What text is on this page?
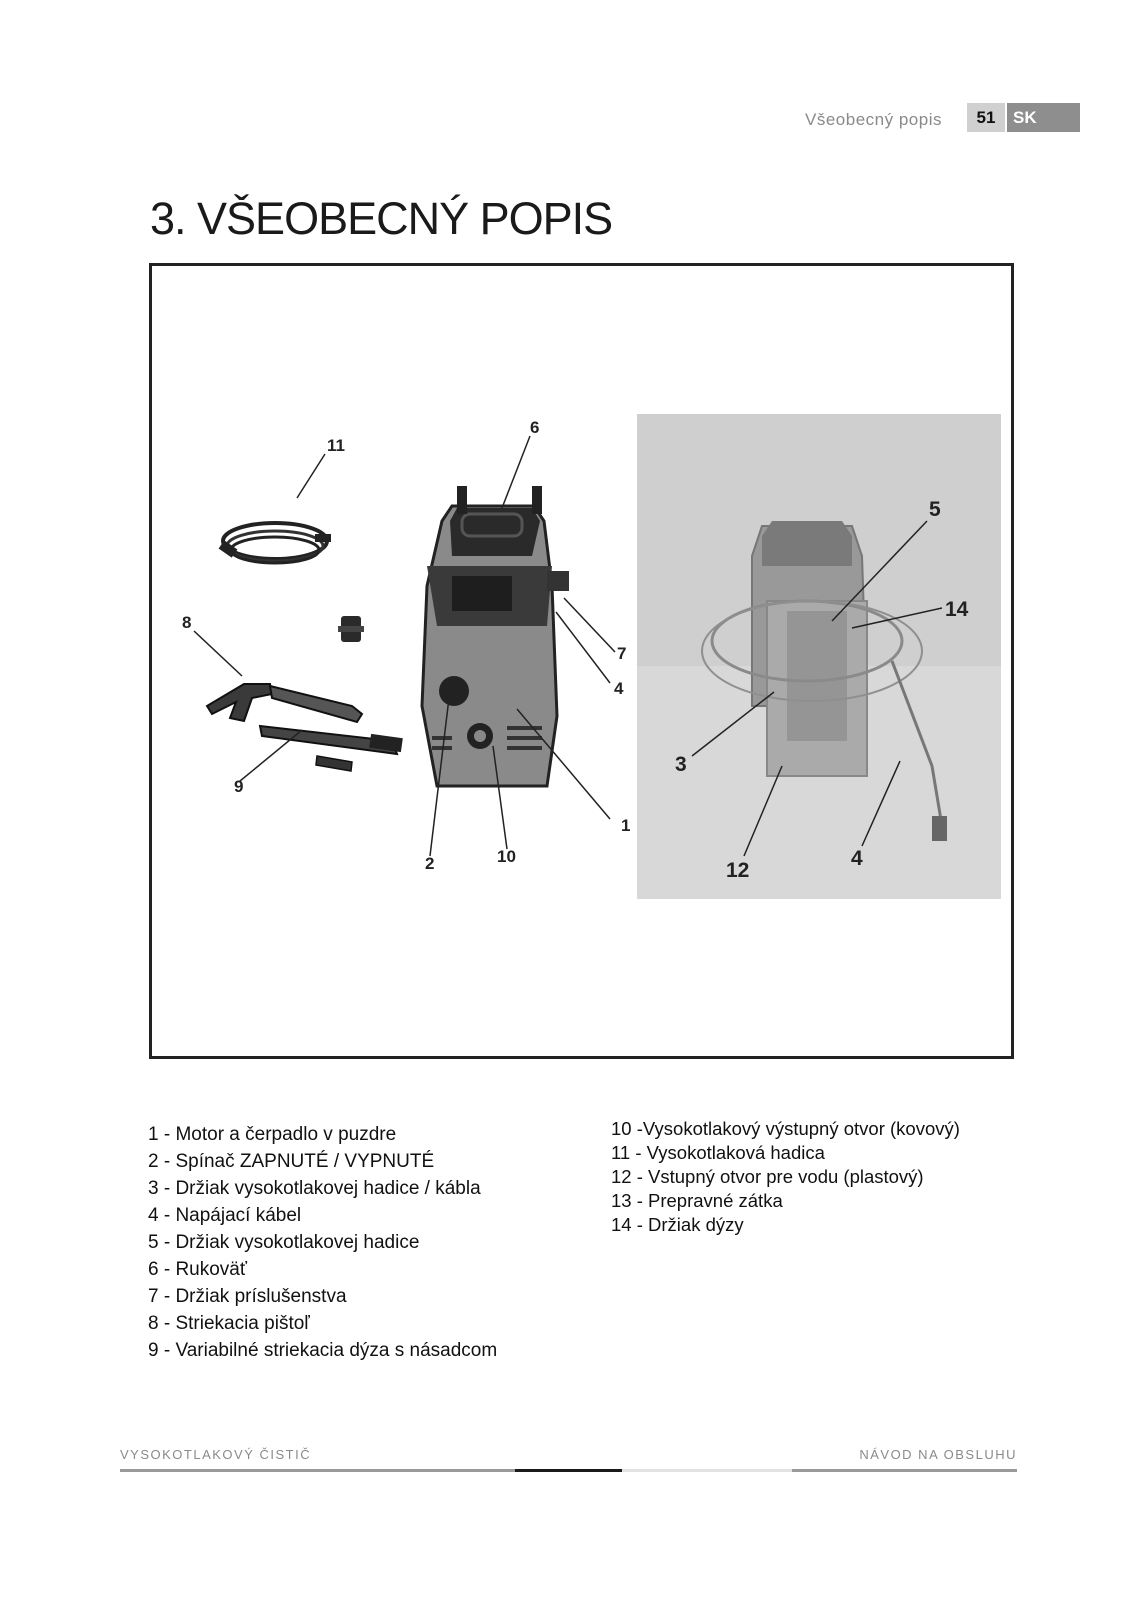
Všeobecný popis	51	SK
3. VŠEOBECNÝ POPIS
11
6
8
7
4
9
1
2	10
5
14
3
12
4
1 - Motor a čerpadlo v puzdre
2 - Spínač ZAPNUTÉ / VYPNUTÉ
3 - Držiak vysokotlakovej hadice / kábla
4 - Napájací kábel
5 - Držiak vysokotlakovej hadice
6 - Rukoväť
7 - Držiak príslušenstva
8 - Striekacia pištoľ
9 - Variabilné striekacia dýza s násadcom
10 -Vysokotlakový výstupný otvor (kovový)
11 - Vysokotlaková hadica
12 - Vstupný otvor pre vodu (plastový)
13 - Prepravné zátka
14 - Držiak dýzy
VYSOKOTLAKOVÝ ČISTIČ	NÁVOD NA OBSLUHU
